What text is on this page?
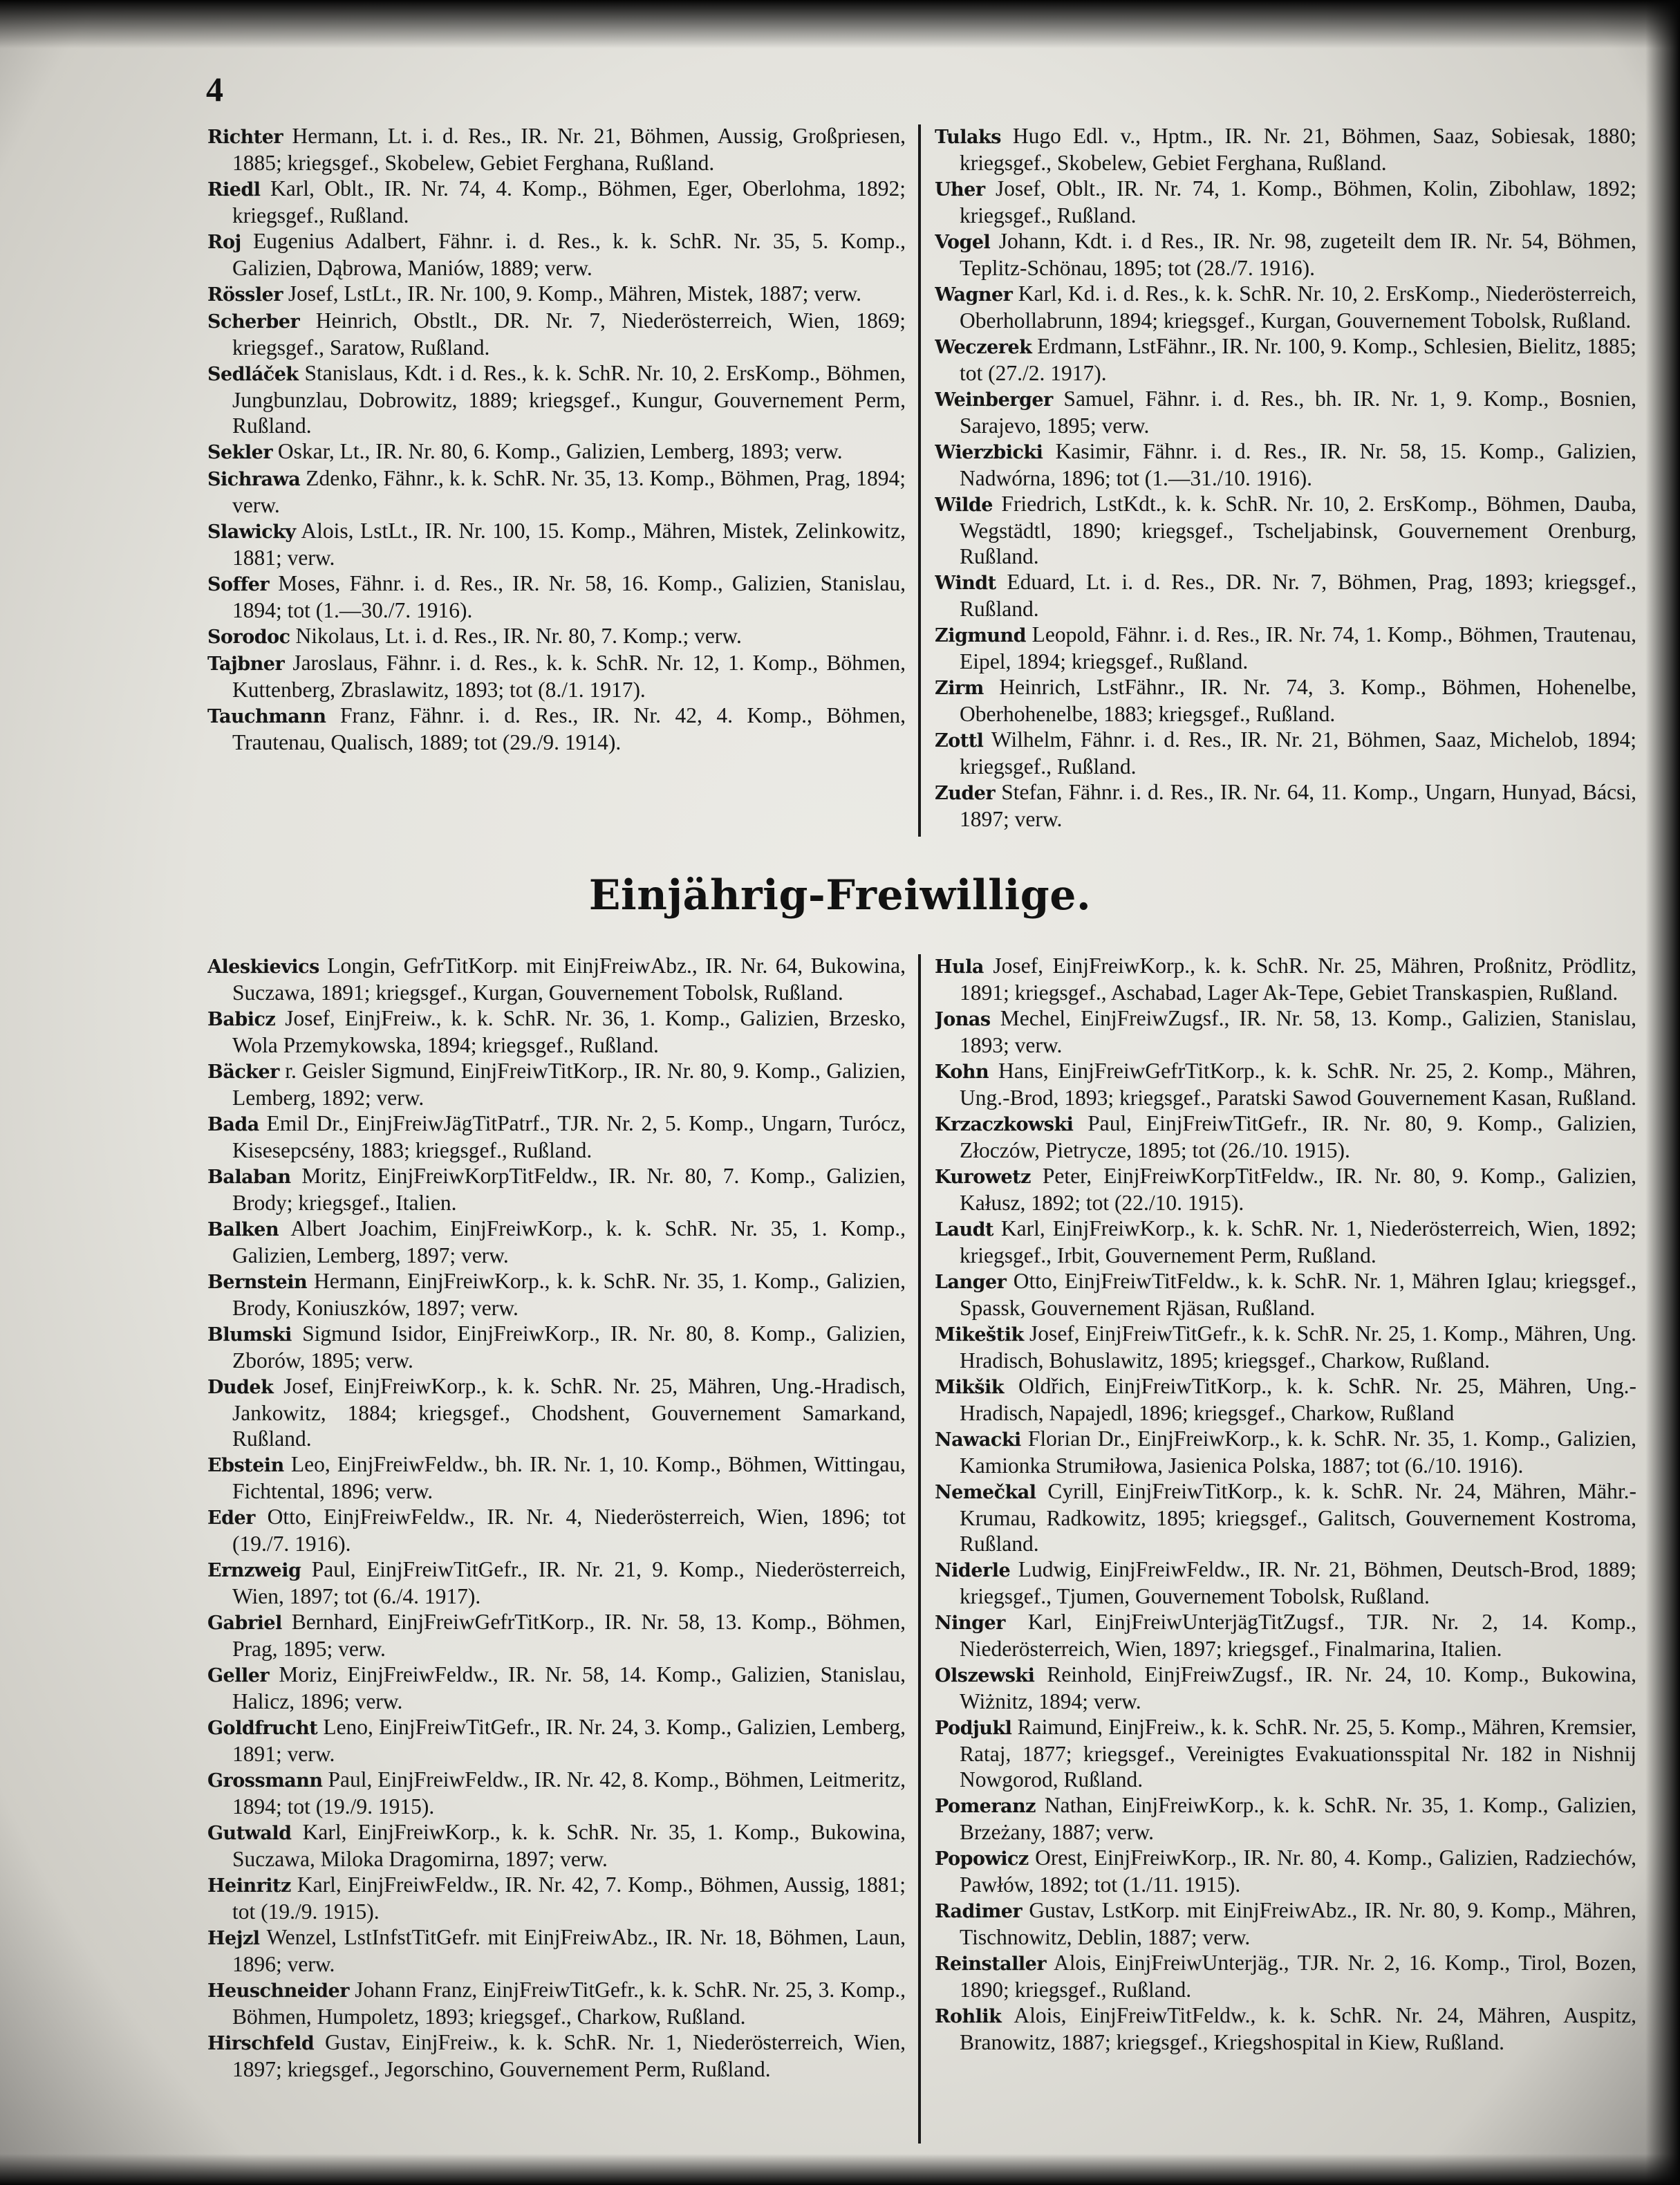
4

Richter Hermann, Lt. i. d. Res., IR. Nr. 21, Böhmen, Aussig, Großpriesen, 1885; kriegsgef., Skobelew, Gebiet Ferghana, Rußland.

Riedl Karl, Oblt., IR. Nr. 74, 4. Komp., Böhmen, Eger, Oberlohma, 1892; kriegsgef., Rußland.

Roj Eugenius Adalbert, Fähnr. i. d. Res., k. k. SchR. Nr. 35, 5. Komp., Galizien, Dąbrowa, Maniów, 1889; verw.

Rössler Josef, LstLt., IR. Nr. 100, 9. Komp., Mähren, Mistek, 1887; verw.

Scherber Heinrich, Obstlt., DR. Nr. 7, Niederösterreich, Wien, 1869; kriegsgef., Saratow, Rußland.

Sedláček Stanislaus, Kdt. i d. Res., k. k. SchR. Nr. 10, 2. ErsKomp., Böhmen, Jungbunzlau, Dobrowitz, 1889; kriegsgef., Kungur, Gouvernement Perm, Rußland.

Sekler Oskar, Lt., IR. Nr. 80, 6. Komp., Galizien, Lemberg, 1893; verw.

Sichrawa Zdenko, Fähnr., k. k. SchR. Nr. 35, 13. Komp., Böhmen, Prag, 1894; verw.

Slawicky Alois, LstLt., IR. Nr. 100, 15. Komp., Mähren, Mistek, Zelinkowitz, 1881; verw.

Soffer Moses, Fähnr. i. d. Res., IR. Nr. 58, 16. Komp., Galizien, Stanislau, 1894; tot (1.—30./7. 1916).

Sorodoc Nikolaus, Lt. i. d. Res., IR. Nr. 80, 7. Komp.; verw.

Tajbner Jaroslaus, Fähnr. i. d. Res., k. k. SchR. Nr. 12, 1. Komp., Böhmen, Kuttenberg, Zbraslawitz, 1893; tot (8./1. 1917).

Tauchmann Franz, Fähnr. i. d. Res., IR. Nr. 42, 4. Komp., Böhmen, Trautenau, Qualisch, 1889; tot (29./9. 1914).

Tulaks Hugo Edl. v., Hptm., IR. Nr. 21, Böhmen, Saaz, Sobiesak, 1880; kriegsgef., Skobelew, Gebiet Ferghana, Rußland.

Uher Josef, Oblt., IR. Nr. 74, 1. Komp., Böhmen, Kolin, Zibohlaw, 1892; kriegsgef., Rußland.

Vogel Johann, Kdt. i. d Res., IR. Nr. 98, zugeteilt dem IR. Nr. 54, Böhmen, Teplitz-Schönau, 1895; tot (28./7. 1916).

Wagner Karl, Kd. i. d. Res., k. k. SchR. Nr. 10, 2. ErsKomp., Niederösterreich, Oberhollabrunn, 1894; kriegsgef., Kurgan, Gouvernement Tobolsk, Rußland.

Weczerek Erdmann, LstFähnr., IR. Nr. 100, 9. Komp., Schlesien, Bielitz, 1885; tot (27./2. 1917).

Weinberger Samuel, Fähnr. i. d. Res., bh. IR. Nr. 1, 9. Komp., Bosnien, Sarajevo, 1895; verw.

Wierzbicki Kasimir, Fähnr. i. d. Res., IR. Nr. 58, 15. Komp., Galizien, Nadwórna, 1896; tot (1.—31./10. 1916).

Wilde Friedrich, LstKdt., k. k. SchR. Nr. 10, 2. ErsKomp., Böhmen, Dauba, Wegstädtl, 1890; kriegsgef., Tscheljabinsk, Gouvernement Orenburg, Rußland.

Windt Eduard, Lt. i. d. Res., DR. Nr. 7, Böhmen, Prag, 1893; kriegsgef., Rußland.

Zigmund Leopold, Fähnr. i. d. Res., IR. Nr. 74, 1. Komp., Böhmen, Trautenau, Eipel, 1894; kriegsgef., Rußland.

Zirm Heinrich, LstFähnr., IR. Nr. 74, 3. Komp., Böhmen, Hohenelbe, Oberhohenelbe, 1883; kriegsgef., Rußland.

Zottl Wilhelm, Fähnr. i. d. Res., IR. Nr. 21, Böhmen, Saaz, Michelob, 1894; kriegsgef., Rußland.

Zuder Stefan, Fähnr. i. d. Res., IR. Nr. 64, 11. Komp., Ungarn, Hunyad, Bácsi, 1897; verw.

Einjährig-Freiwillige.

Aleskievics Longin, GefrTitKorp. mit EinjFreiwAbz., IR. Nr. 64, Bukowina, Suczawa, 1891; kriegsgef., Kurgan, Gouvernement Tobolsk, Rußland.

Babicz Josef, EinjFreiw., k. k. SchR. Nr. 36, 1. Komp., Galizien, Brzesko, Wola Przemykowska, 1894; kriegsgef., Rußland.

Bäcker r. Geisler Sigmund, EinjFreiwTitKorp., IR. Nr. 80, 9. Komp., Galizien, Lemberg, 1892; verw.

Bada Emil Dr., EinjFreiwJägTitPatrf., TJR. Nr. 2, 5. Komp., Ungarn, Turócz, Kisesepcsény, 1883; kriegsgef., Rußland.

Balaban Moritz, EinjFreiwKorpTitFeldw., IR. Nr. 80, 7. Komp., Galizien, Brody; kriegsgef., Italien.

Balken Albert Joachim, EinjFreiwKorp., k. k. SchR. Nr. 35, 1. Komp., Galizien, Lemberg, 1897; verw.

Bernstein Hermann, EinjFreiwKorp., k. k. SchR. Nr. 35, 1. Komp., Galizien, Brody, Koniuszków, 1897; verw.

Blumski Sigmund Isidor, EinjFreiwKorp., IR. Nr. 80, 8. Komp., Galizien, Zborów, 1895; verw.

Dudek Josef, EinjFreiwKorp., k. k. SchR. Nr. 25, Mähren, Ung.-Hradisch, Jankowitz, 1884; kriegsgef., Chodshent, Gouvernement Samarkand, Rußland.

Ebstein Leo, EinjFreiwFeldw., bh. IR. Nr. 1, 10. Komp., Böhmen, Wittingau, Fichtental, 1896; verw.

Eder Otto, EinjFreiwFeldw., IR. Nr. 4, Niederösterreich, Wien, 1896; tot (19./7. 1916).

Ernzweig Paul, EinjFreiwTitGefr., IR. Nr. 21, 9. Komp., Niederösterreich, Wien, 1897; tot (6./4. 1917).

Gabriel Bernhard, EinjFreiwGefrTitKorp., IR. Nr. 58, 13. Komp., Böhmen, Prag, 1895; verw.

Geller Moriz, EinjFreiwFeldw., IR. Nr. 58, 14. Komp., Galizien, Stanislau, Halicz, 1896; verw.

Goldfrucht Leno, EinjFreiwTitGefr., IR. Nr. 24, 3. Komp., Galizien, Lemberg, 1891; verw.

Grossmann Paul, EinjFreiwFeldw., IR. Nr. 42, 8. Komp., Böhmen, Leitmeritz, 1894; tot (19./9. 1915).

Gutwald Karl, EinjFreiwKorp., k. k. SchR. Nr. 35, 1. Komp., Bukowina, Suczawa, Milоka Dragomirna, 1897; verw.

Heinritz Karl, EinjFreiwFeldw., IR. Nr. 42, 7. Komp., Böhmen, Aussig, 1881; tot (19./9. 1915).

Hejzl Wenzel, LstInfstTitGefr. mit EinjFreiwAbz., IR. Nr. 18, Böhmen, Laun, 1896; verw.

Heuschneider Johann Franz, EinjFreiwTitGefr., k. k. SchR. Nr. 25, 3. Komp., Böhmen, Humpoletz, 1893; kriegsgef., Charkow, Rußland.

Hirschfeld Gustav, EinjFreiw., k. k. SchR. Nr. 1, Niederösterreich, Wien, 1897; kriegsgef., Jegorschino, Gouvernement Perm, Rußland.

Hula Josef, EinjFreiwKorp., k. k. SchR. Nr. 25, Mähren, Proßnitz, Prödlitz, 1891; kriegsgef., Aschabad, Lager Ak-Tepe, Gebiet Transkaspien, Rußland.

Jonas Mechel, EinjFreiwZugsf., IR. Nr. 58, 13. Komp., Galizien, Stanislau, 1893; verw.

Kohn Hans, EinjFreiwGefrTitKorp., k. k. SchR. Nr. 25, 2. Komp., Mähren, Ung.-Brod, 1893; kriegsgef., Paratski Sawod Gouvernement Kasan, Rußland.

Krzaczkowski Paul, EinjFreiwTitGefr., IR. Nr. 80, 9. Komp., Galizien, Złoczów, Pietrycze, 1895; tot (26./10. 1915).

Kurowetz Peter, EinjFreiwKorpTitFeldw., IR. Nr. 80, 9. Komp., Galizien, Kałusz, 1892; tot (22./10. 1915).

Laudt Karl, EinjFreiwKorp., k. k. SchR. Nr. 1, Niederösterreich, Wien, 1892; kriegsgef., Irbit, Gouvernement Perm, Rußland.

Langer Otto, EinjFreiwTitFeldw., k. k. SchR. Nr. 1, Mähren Iglau; kriegsgef., Spassk, Gouvernement Rjäsan, Rußland.

Mikeštik Josef, EinjFreiwTitGefr., k. k. SchR. Nr. 25, 1. Komp., Mähren, Ung. Hradisch, Bohuslawitz, 1895; kriegsgef., Charkow, Rußland.

Mikšik Oldřich, EinjFreiwTitKorp., k. k. SchR. Nr. 25, Mähren, Ung.-Hradisch, Napajedl, 1896; kriegsgef., Charkow, Rußland

Nawacki Florian Dr., EinjFreiwKorp., k. k. SchR. Nr. 35, 1. Komp., Galizien, Kamionka Strumiłowa, Jasienica Polska, 1887; tot (6./10. 1916).

Nemečkal Cyrill, EinjFreiwTitKorp., k. k. SchR. Nr. 24, Mähren, Mähr.-Krumau, Radkowitz, 1895; kriegsgef., Galitsch, Gouvernement Kostroma, Rußland.

Niderle Ludwig, EinjFreiwFeldw., IR. Nr. 21, Böhmen, Deutsch-Brod, 1889; kriegsgef., Tjumen, Gouvernement Tobolsk, Rußland.

Ninger Karl, EinjFreiwUnterjägTitZugsf., TJR. Nr. 2, 14. Komp., Niederösterreich, Wien, 1897; kriegsgef., Finalmarina, Italien.

Olszewski Reinhold, EinjFreiwZugsf., IR. Nr. 24, 10. Komp., Bukowina, Wiżnitz, 1894; verw.

Podjukl Raimund, EinjFreiw., k. k. SchR. Nr. 25, 5. Komp., Mähren, Kremsier, Rataj, 1877; kriegsgef., Vereinigtes Evakuationsspital Nr. 182 in Nishnij Nowgorod, Rußland.

Pomeranz Nathan, EinjFreiwKorp., k. k. SchR. Nr. 35, 1. Komp., Galizien, Brzeżany, 1887; verw.

Popowicz Orest, EinjFreiwKorp., IR. Nr. 80, 4. Komp., Galizien, Radziechów, Pawłów, 1892; tot (1./11. 1915).

Radimer Gustav, LstKorp. mit EinjFreiwAbz., IR. Nr. 80, 9. Komp., Mähren, Tischnowitz, Deblin, 1887; verw.

Reinstaller Alois, EinjFreiwUnterjäg., TJR. Nr. 2, 16. Komp., Tirol, Bozen, 1890; kriegsgef., Rußland.

Rohlik Alois, EinjFreiwTitFeldw., k. k. SchR. Nr. 24, Mähren, Auspitz, Branowitz, 1887; kriegsgef., Kriegshospital in Kiew, Rußland.
